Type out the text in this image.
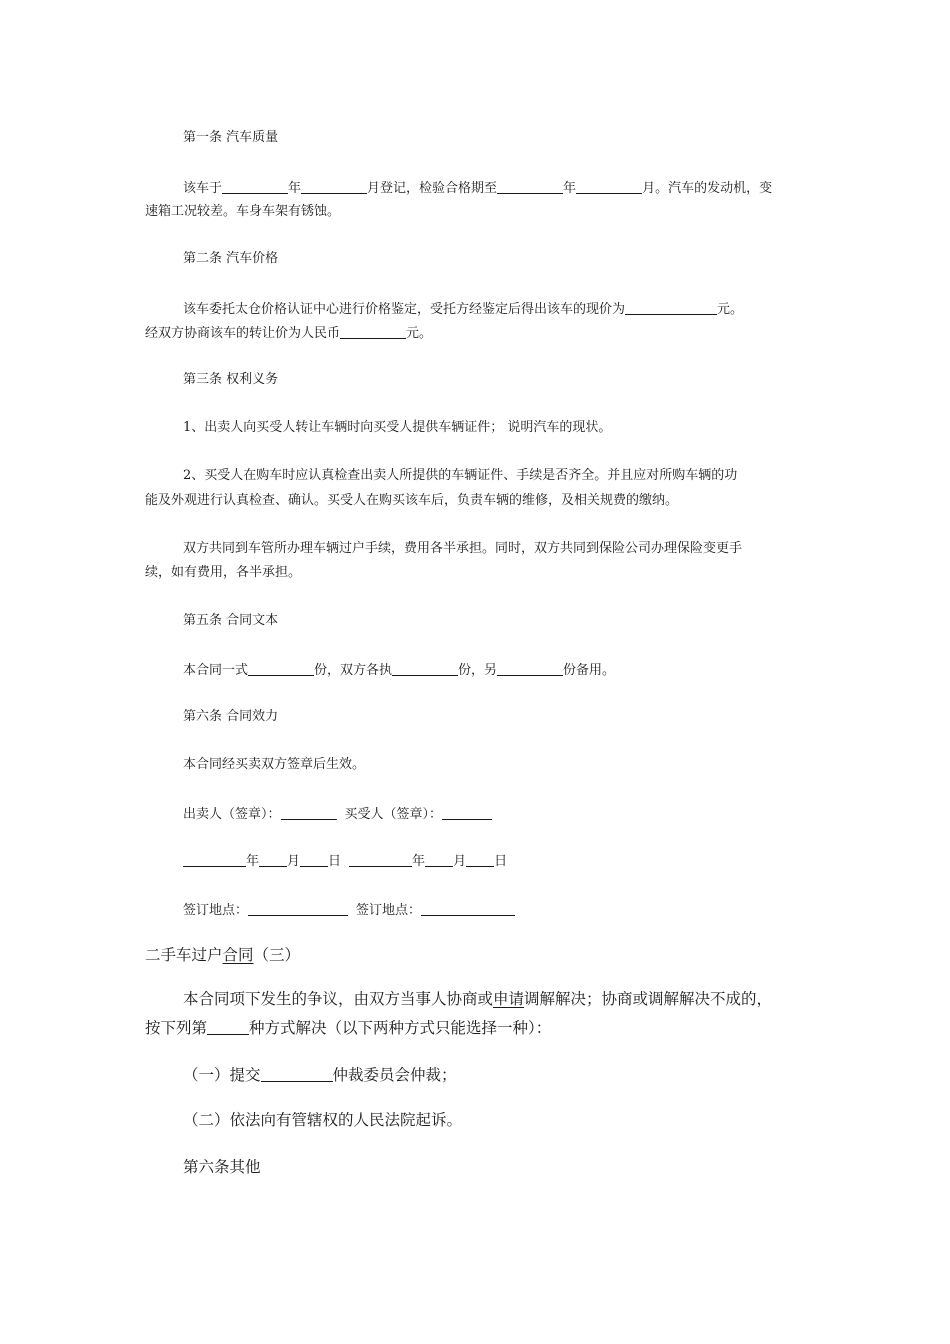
第一条 汽车质量
该车于	年	月登记，检验合格期至	年	月。汽车的发动机，变
速箱工况较差。车身车架有锈蚀。
第二条 汽车价格
该车委托太仓价格认证中心进行价格鉴定，受托方经鉴定后得出该车的现价为	元。
经双方协商该车的转让价为人民币	元。
第三条 权利义务
1、出卖人向买受人转让车辆时向买受人提供车辆证件； 说明汽车的现状。
2、买受人在购车时应认真检查出卖人所提供的车辆证件、手续是否齐全。并且应对所购车辆的功
能及外观进行认真检查、确认。买受人在购买该车后，负责车辆的维修，及相关规费的缴纳。
双方共同到车管所办理车辆过户手续，费用各半承担。同时，双方共同到保险公司办理保险变更手
续，如有费用，各半承担。
第五条 合同文本
本合同一式	份，双方各执	份，另	份备用。
第六条 合同效力
本合同经买卖双方签章后生效。
出卖人（签章）：	买受人（签章）：
年 月 日	年 月 日
签订地点：	签订地点：
二手车过户合同（三）
本合同项下发生的争议，由双方当事人协商或申请调解解决；协商或调解解决不成的，
按下列第	种方式解决（以下两种方式只能选择一种）：
（一）提交	仲裁委员会仲裁；
（二）依法向有管辖权的人民法院起诉。
第六条其他
